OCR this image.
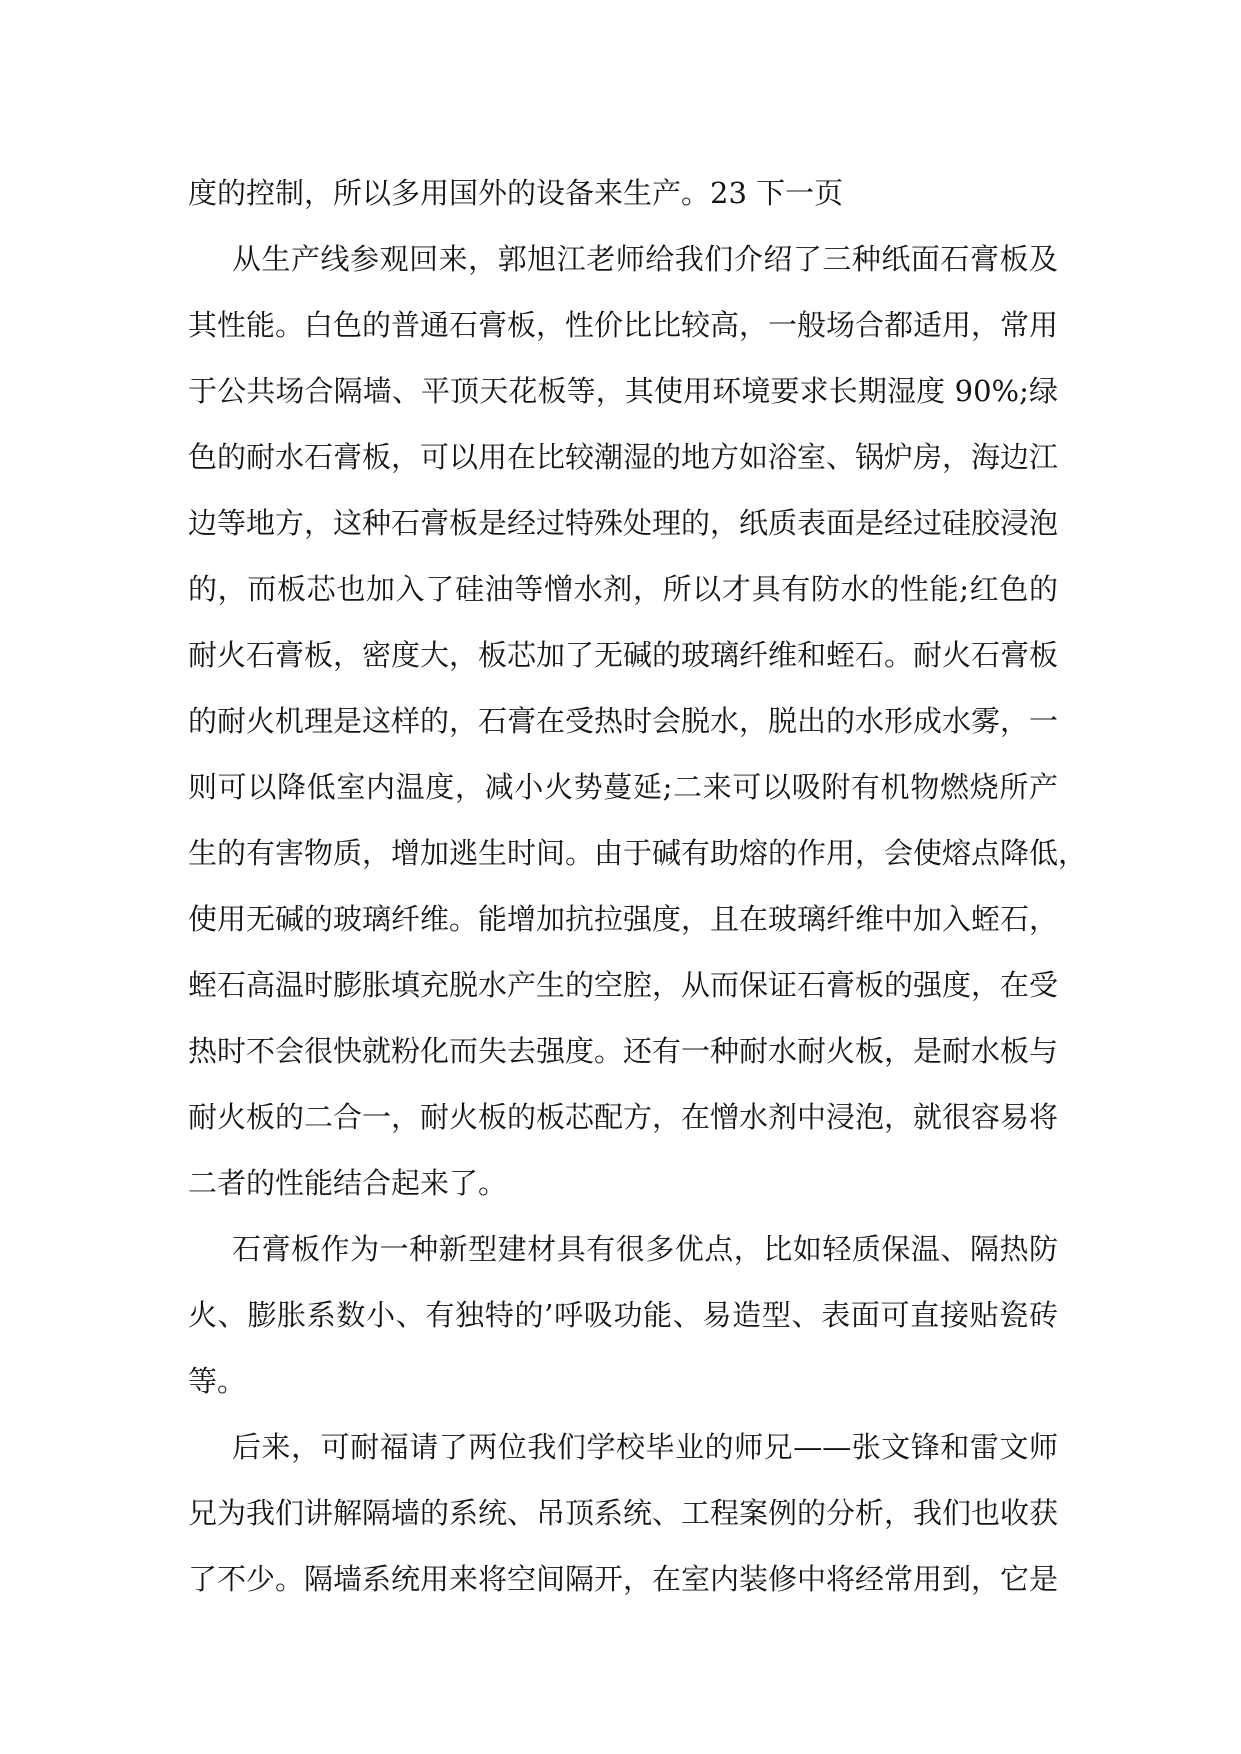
度的控制，所以多用国外的设备来生产。23 下一页
从生产线参观回来，郭旭江老师给我们介绍了三种纸面石膏板及
其性能。白色的普通石膏板，性价比比较高，一般场合都适用，常用
于公共场合隔墙、平顶天花板等，其使用环境要求长期湿度 90%;绿
色的耐水石膏板，可以用在比较潮湿的地方如浴室、锅炉房，海边江
边等地方，这种石膏板是经过特殊处理的，纸质表面是经过硅胶浸泡
的，而板芯也加入了硅油等憎水剂，所以才具有防水的性能;红色的
耐火石膏板，密度大，板芯加了无碱的玻璃纤维和蛭石。耐火石膏板
的耐火机理是这样的，石膏在受热时会脱水，脱出的水形成水雾，一
则可以降低室内温度，减小火势蔓延;二来可以吸附有机物燃烧所产
生的有害物质，增加逃生时间。由于碱有助熔的作用，会使熔点降低，
使用无碱的玻璃纤维。能增加抗拉强度，且在玻璃纤维中加入蛭石，
蛭石高温时膨胀填充脱水产生的空腔，从而保证石膏板的强度，在受
热时不会很快就粉化而失去强度。还有一种耐水耐火板，是耐水板与
耐火板的二合一，耐火板的板芯配方，在憎水剂中浸泡，就很容易将
二者的性能结合起来了。
石膏板作为一种新型建材具有很多优点，比如轻质保温、隔热防
火、膨胀系数小、有独特的’呼吸功能、易造型、表面可直接贴瓷砖
等。
后来，可耐福请了两位我们学校毕业的师兄——张文锋和雷文师
兄为我们讲解隔墙的系统、吊顶系统、工程案例的分析，我们也收获
了不少。隔墙系统用来将空间隔开，在室内装修中将经常用到，它是
